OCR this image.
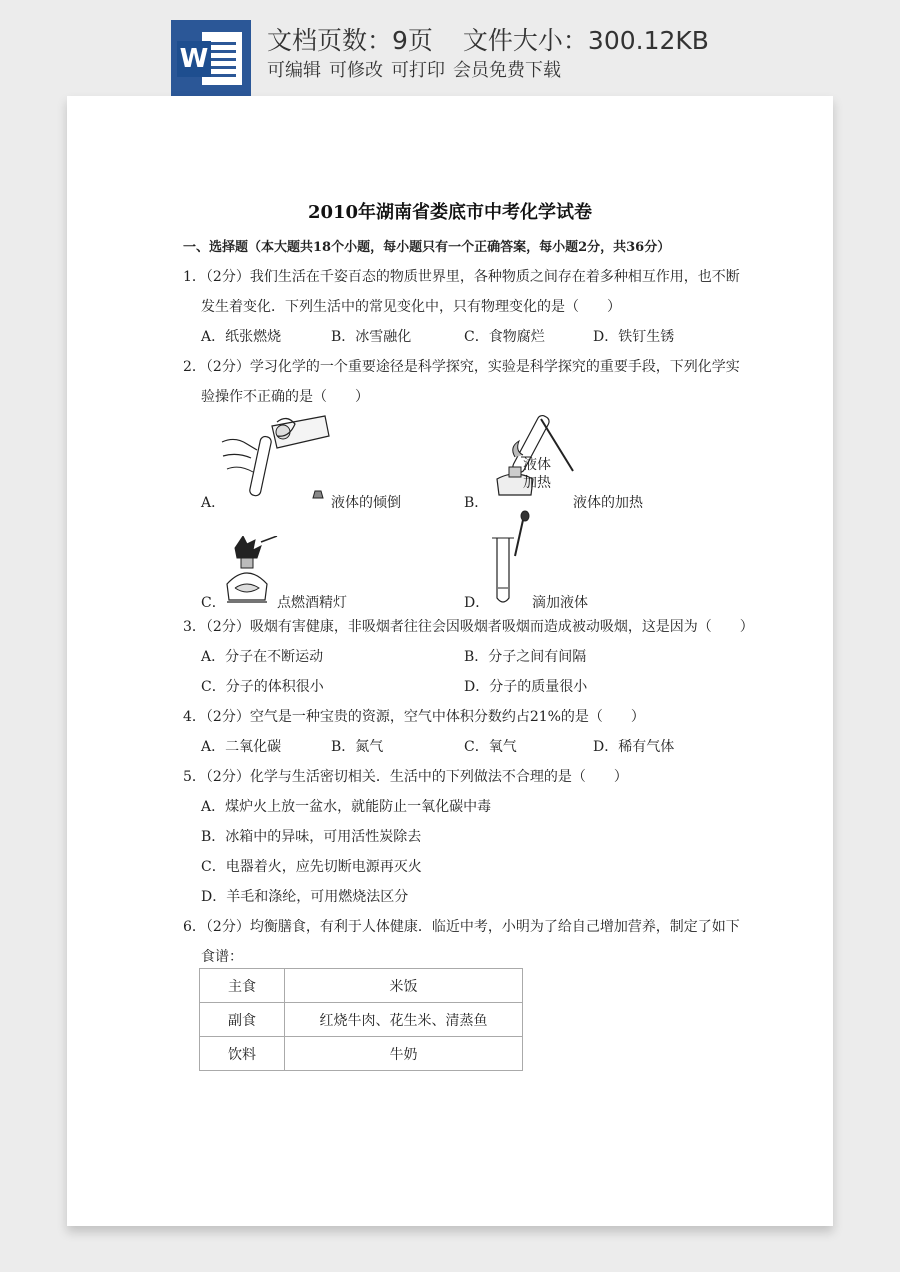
W
文档页数：9页 文件大小：300.12KB
可编辑 可修改 可打印 会员免费下载
2010年湖南省娄底市中考化学试卷
一、选择题（本大题共18个小题，每小题只有一个正确答案，每小题2分，共36分）
1．（2分）我们生活在千姿百态的物质世界里，各种物质之间存在着多种相互作用，也不断
发生着变化．下列生活中的常见变化中，只有物理变化的是（　　）
A．纸张燃烧	B．冰雪融化	C．食物腐烂	D．铁钉生锈
2．（2分）学习化学的一个重要途径是科学探究，实验是科学探究的重要手段，下列化学实
验操作不正确的是（　　）
A．	液体的倾倒
液体
加热
B．	液体的加热
C．	点燃酒精灯	D．	滴加液体
3．（2分）吸烟有害健康，非吸烟者往往会因吸烟者吸烟而造成被动吸烟，这是因为（　　）
A．分子在不断运动	B．分子之间有间隔
C．分子的体积很小	D．分子的质量很小
4．（2分）空气是一种宝贵的资源，空气中体积分数约占21%的是（　　）
A．二氧化碳	B．氮气	C．氧气	D．稀有气体
5．（2分）化学与生活密切相关．生活中的下列做法不合理的是（　　）
A．煤炉火上放一盆水，就能防止一氧化碳中毒
B．冰箱中的异味，可用活性炭除去
C．电器着火，应先切断电源再灭火
D．羊毛和涤纶，可用燃烧法区分
6．（2分）均衡膳食，有利于人体健康．临近中考，小明为了给自己增加营养，制定了如下
食谱：
主食	米饭
副食	红烧牛肉、花生米、清蒸鱼
饮料	牛奶
